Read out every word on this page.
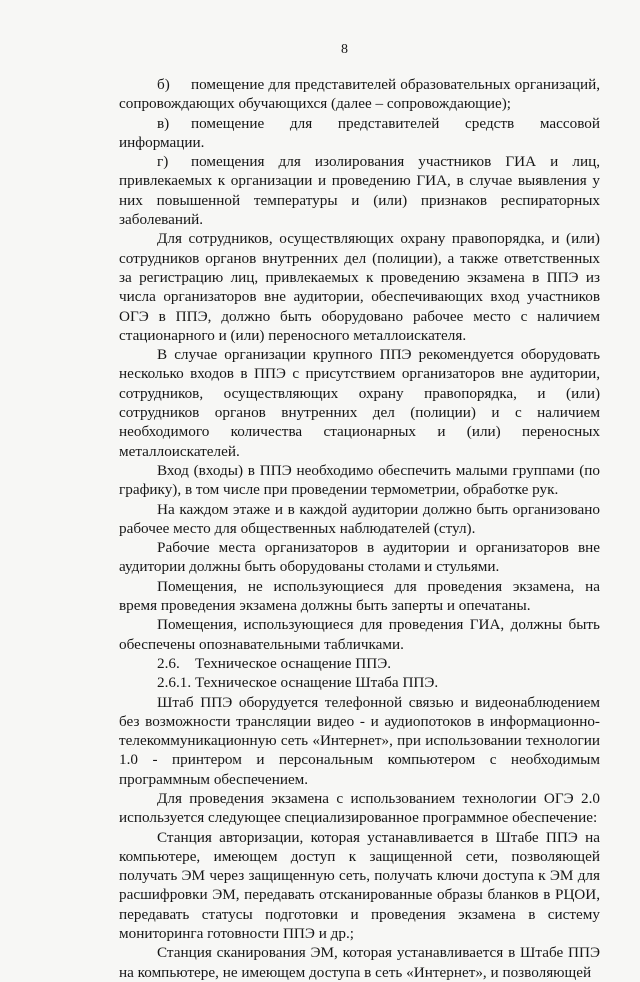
8

б) помещение для представителей образовательных организаций, сопровождающих обучающихся (далее – сопровождающие);

в) помещение для представителей средств массовой информации.

г) помещения для изолирования участников ГИА и лиц, привлекаемых к организации и проведению ГИА, в случае выявления у них повышенной температуры и (или) признаков респираторных заболеваний.

Для сотрудников, осуществляющих охрану правопорядка, и (или) сотрудников органов внутренних дел (полиции), а также ответственных за регистрацию лиц, привлекаемых к проведению экзамена в ППЭ из числа организаторов вне аудитории, обеспечивающих вход участников ОГЭ в ППЭ, должно быть оборудовано рабочее место с наличием стационарного и (или) переносного металлоискателя.

В случае организации крупного ППЭ рекомендуется оборудовать несколько входов в ППЭ с присутствием организаторов вне аудитории, сотрудников, осуществляющих охрану правопорядка, и (или) сотрудников органов внутренних дел (полиции) и с наличием необходимого количества стационарных и (или) переносных металлоискателей.

Вход (входы) в ППЭ необходимо обеспечить малыми группами (по графику), в том числе при проведении термометрии, обработке рук.

На каждом этаже и в каждой аудитории должно быть организовано рабочее место для общественных наблюдателей (стул).

Рабочие места организаторов в аудитории и организаторов вне аудитории должны быть оборудованы столами и стульями.

Помещения, не использующиеся для проведения экзамена, на время проведения экзамена должны быть заперты и опечатаны.

Помещения, использующиеся для проведения ГИА, должны быть обеспечены опознавательными табличками.

2.6.    Техническое оснащение ППЭ.

2.6.1. Техническое оснащение Штаба ППЭ.

Штаб ППЭ оборудуется телефонной связью и видеонаблюдением без возможности трансляции видео - и аудиопотоков в информационно-телекоммуникационную сеть «Интернет», при использовании технологии 1.0 - принтером и персональным компьютером с необходимым программным обеспечением.

Для проведения экзамена с использованием технологии ОГЭ 2.0 используется следующее специализированное программное обеспечение:

Станция авторизации, которая устанавливается в Штабе ППЭ на компьютере, имеющем доступ к защищенной сети, позволяющей получать ЭМ через защищенную сеть, получать ключи доступа к ЭМ для расшифровки ЭМ, передавать отсканированные образы бланков в РЦОИ, передавать статусы подготовки и проведения экзамена в систему мониторинга готовности ППЭ и др.;

Станция сканирования ЭМ, которая устанавливается в Штабе ППЭ на компьютере, не имеющем доступа в сеть «Интернет», и позволяющей
